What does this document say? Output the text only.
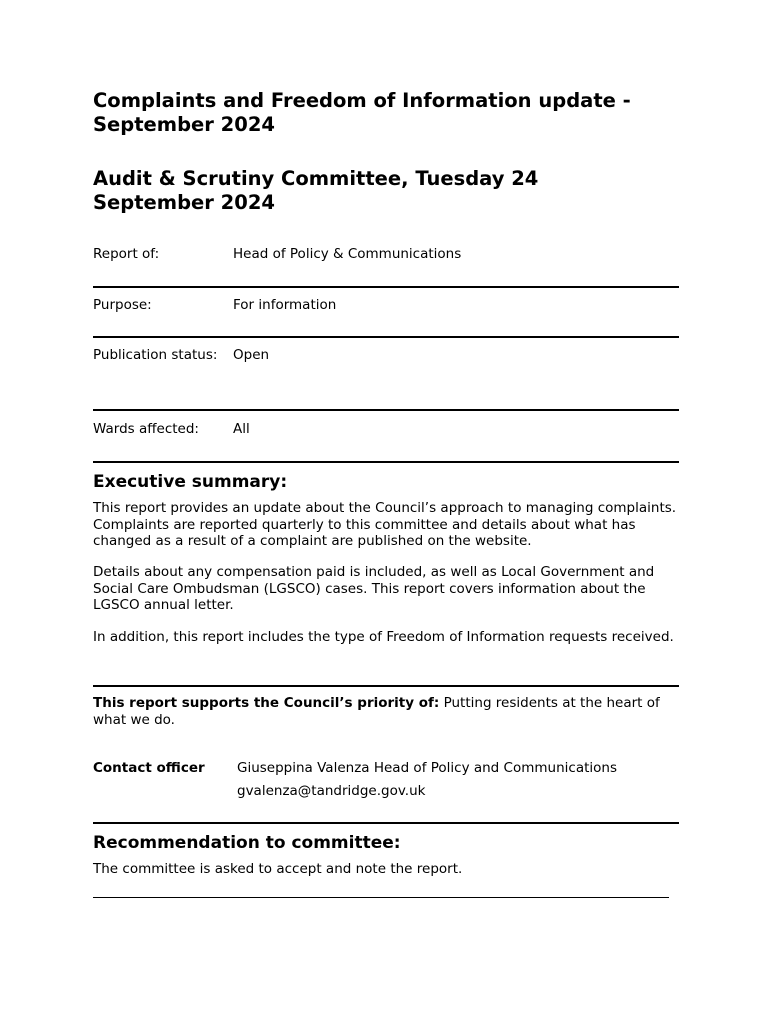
Complaints and Freedom of Information update - September 2024
Audit & Scrutiny Committee, Tuesday 24 September 2024
Report of:	Head of Policy & Communications
Purpose:	For information
Publication status: Open
Wards affected:	All
Executive summary:

This report provides an update about the Council’s approach to managing complaints. Complaints are reported quarterly to this committee and details about what has changed as a result of a complaint are published on the website.

Details about any compensation paid is included, as well as Local Government and Social Care Ombudsman (LGSCO) cases. This report covers information about the LGSCO annual letter.

In addition, this report includes the type of Freedom of Information requests received.

This report supports the Council’s priority of: Putting residents at the heart of what we do.

Contact officer Giuseppina Valenza Head of Policy and Communications
gvalenza@tandridge.gov.uk
Recommendation to committee:

The committee is asked to accept and note the report.
